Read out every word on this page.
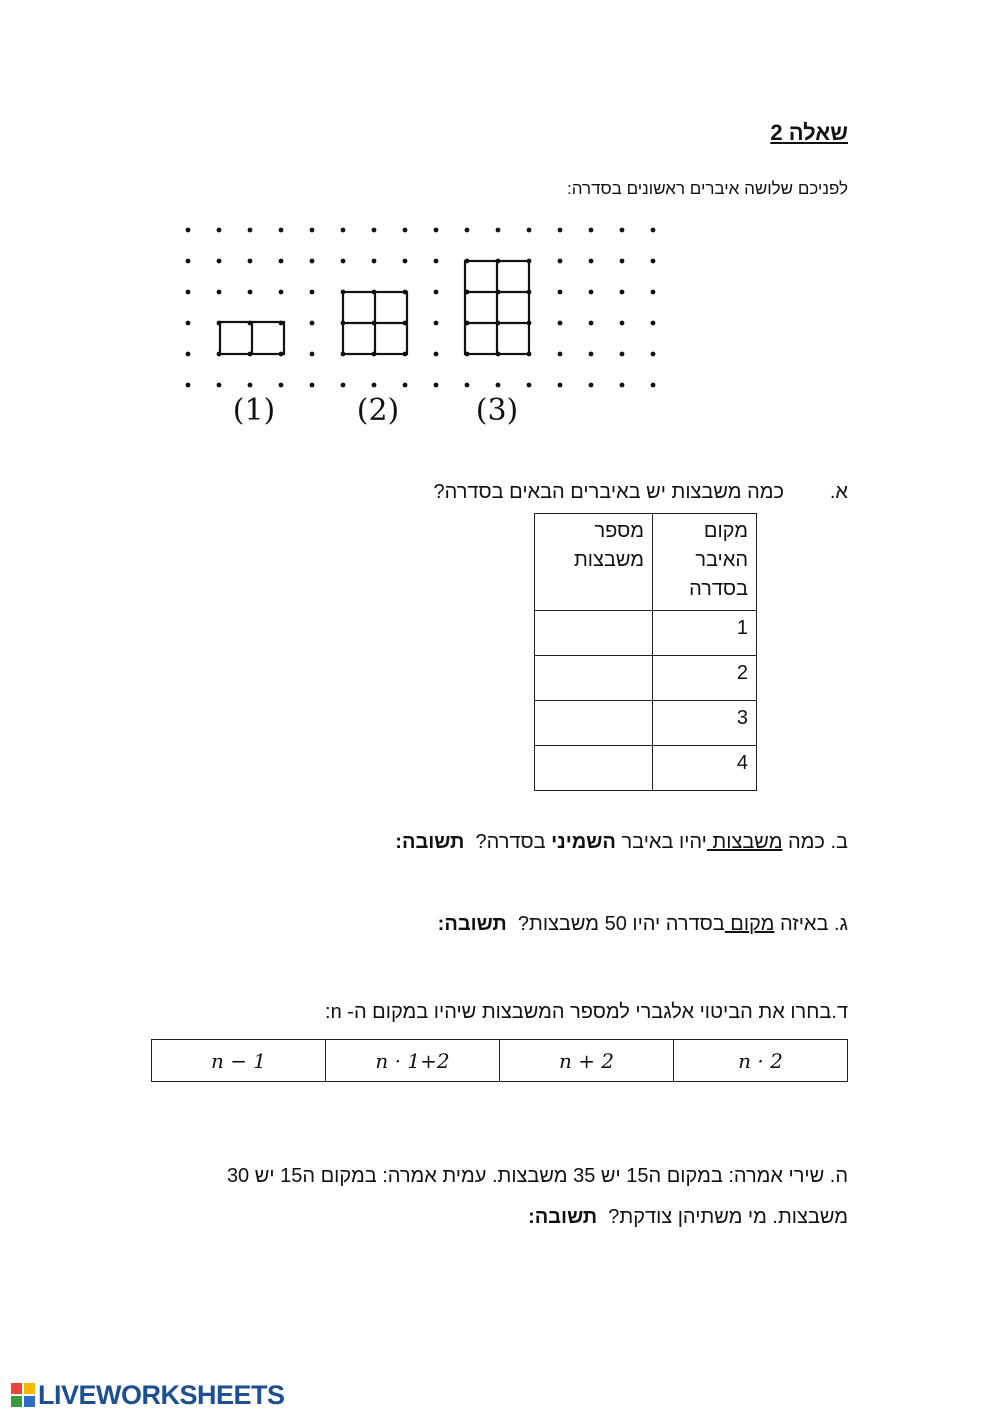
שאלה 2
לפניכם שלושה איברים ראשונים בסדרה:
(1)	(2)	(3)
א.
כמה משבצות יש באיברים הבאים בסדרה?
מקום האיבר בסדרה	מספר משבצות
1	
2	
3	
4	
ב. כמה משבצות יהיו באיבר השמיני בסדרה?  תשובה:
ג. באיזה מקום בסדרה יהיו 50 משבצות?  תשובה:
ד.בחרו את הביטוי אלגברי למספר המשבצות שיהיו במקום ה- n:
2 · n	n + 2	1+2 · n	n − 1
ה. שירי אמרה: במקום ה15 יש 35 משבצות. עמית אמרה: במקום ה15 יש 30
משבצות. מי משתיהן צודקת?  תשובה:
LIVEWORKSHEETS
